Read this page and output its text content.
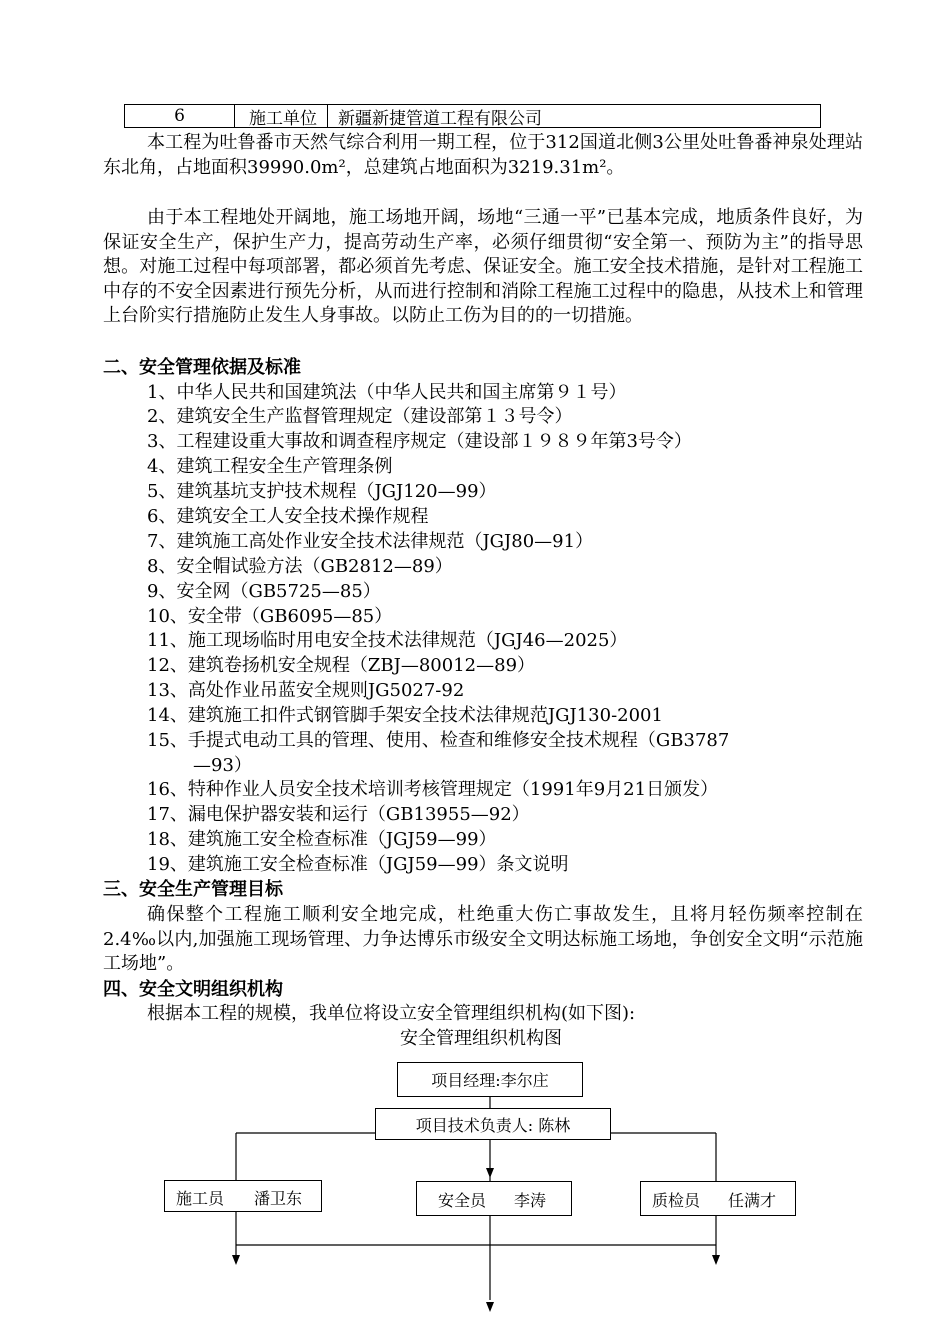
6	施工单位	新疆新捷管道工程有限公司
本工程为吐鲁番市天然气综合利用一期工程，位于312国道北侧3公里处吐鲁番神泉处理站东北角，占地面积39990.0m²，总建筑占地面积为3219.31m²。
由于本工程地处开阔地，施工场地开阔，场地“三通一平”已基本完成，地质条件良好，为保证安全生产，保护生产力，提高劳动生产率，必须仔细贯彻“安全第一、预防为主”的指导思想。对施工过程中每项部署，都必须首先考虑、保证安全。施工安全技术措施，是针对工程施工中存的不安全因素进行预先分析，从而进行控制和消除工程施工过程中的隐患，从技术上和管理上台阶实行措施防止发生人身事故。以防止工伤为目的的一切措施。
二、安全管理依据及标准
1、中华人民共和国建筑法（中华人民共和国主席第９１号）
2、建筑安全生产监督管理规定（建设部第１３号令）
3、工程建设重大事故和调查程序规定（建设部１９８９年第3号令）
4、建筑工程安全生产管理条例
5、建筑基坑支护技术规程（JGJ120—99）
6、建筑安全工人安全技术操作规程
7、建筑施工高处作业安全技术法律规范（JGJ80—91）
8、安全帽试验方法（GB2812—89）
9、安全网（GB5725—85）
10、安全带（GB6095—85）
11、施工现场临时用电安全技术法律规范（JGJ46—2025）
12、建筑卷扬机安全规程（ZBJ—80012—89）
13、高处作业吊蓝安全规则JG5027-92
14、建筑施工扣件式钢管脚手架安全技术法律规范JGJ130-2001
15、手提式电动工具的管理、使用、检查和维修安全技术规程（GB3787
—93）
16、特种作业人员安全技术培训考核管理规定（1991年9月21日颁发）
17、漏电保护器安装和运行（GB13955—92）
18、建筑施工安全检查标准（JGJ59—99）
19、建筑施工安全检查标准（JGJ59—99）条文说明
三、安全生产管理目标
确保整个工程施工顺利安全地完成，杜绝重大伤亡事故发生，且将月轻伤频率控制在2.4‰以内,加强施工现场管理、力争达博乐市级安全文明达标施工场地，争创安全文明“示范施工场地”。
四、安全文明组织机构
根据本工程的规模，我单位将设立安全管理组织机构(如下图):
安全管理组织机构图
项目经理:李尔庄
项目技术负责人: 陈林
施工员 潘卫东	安全员 李涛	质检员 任满才
